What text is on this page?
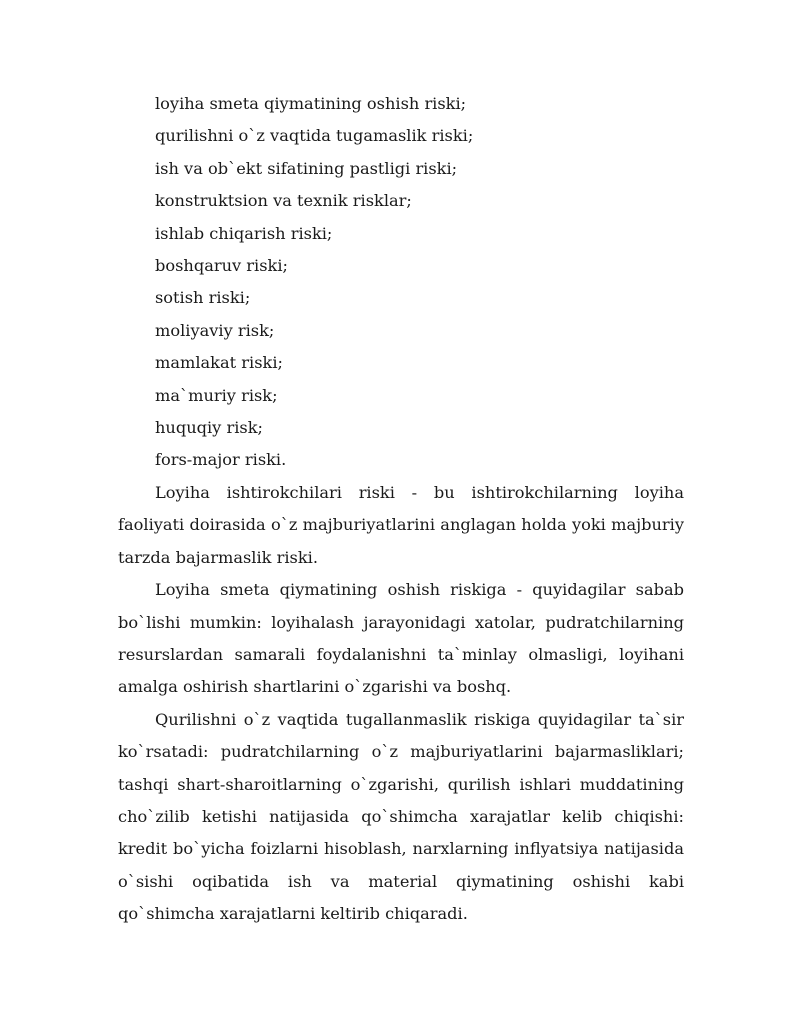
loyiha smeta qiymatining oshish riski;
qurilishni o`z vaqtida tugamaslik riski;
ish va ob`ekt sifatining pastligi riski;
konstruktsion va texnik risklar;
ishlab chiqarish riski;
boshqaruv riski;
sotish riski;
moliyaviy risk;
mamlakat riski;
ma`muriy risk;
huquqiy risk;
fors-major riski.

Loyiha ishtirokchilari riski - bu ishtirokchilarning loyiha faoliyati doirasida o`z majburiyatlarini anglagan holda yoki majburiy tarzda bajarmaslik riski.

Loyiha smeta qiymatining oshish riskiga - quyidagilar sabab bo`lishi mumkin: loyihalash jarayonidagi xatolar, pudratchilarning resurslardan samarali foydalanishni ta`minlay olmasligi, loyihani amalga oshirish shartlarini o`zgarishi va boshq.

Qurilishni o`z vaqtida tugallanmaslik riskiga quyidagilar ta`sir ko`rsatadi: pudratchilarning o`z majburiyatlarini bajarmasliklari; tashqi shart-sharoitlarning o`zgarishi, qurilish ishlari muddatining cho`zilib ketishi natijasida qo`shimcha xarajatlar kelib chiqishi: kredit bo`yicha foizlarni hisoblash, narxlarning inflyatsiya natijasida o`sishi oqibatida ish va material qiymatining oshishi kabi qo`shimcha xarajatlarni keltirib chiqaradi.
